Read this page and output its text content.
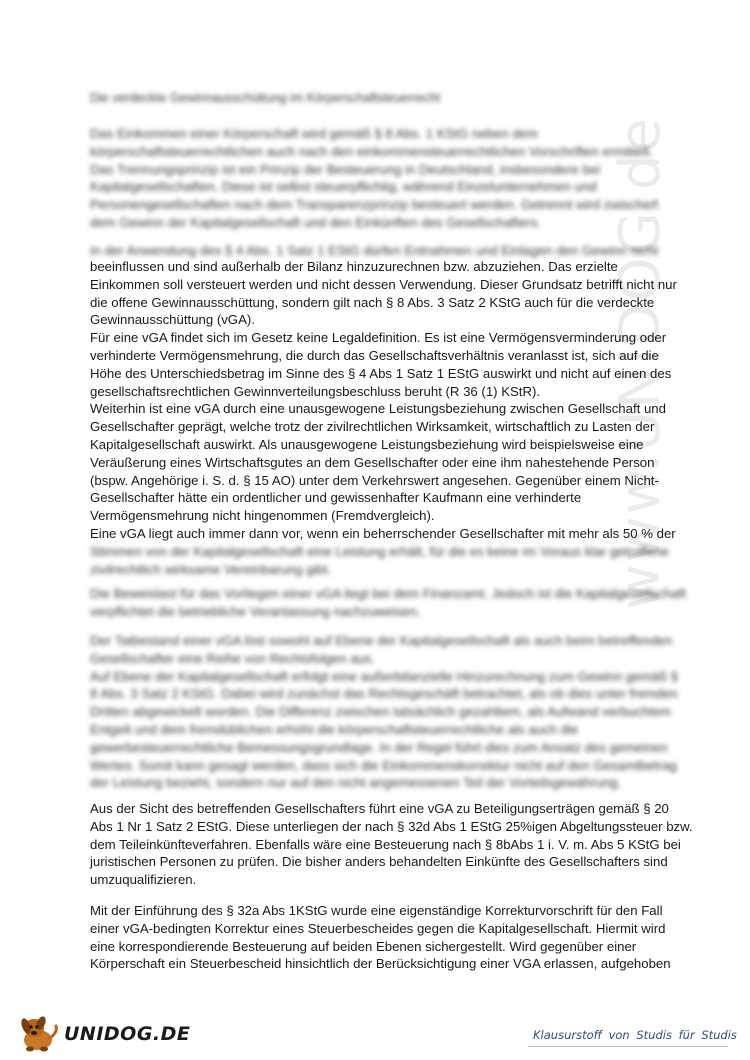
www.UNIDOG.de
Die verdeckte Gewinnausschüttung im Körperschaftsteuerrecht
Das Einkommen einer Körperschaft wird gemäß § 8 Abs. 1 KStG neben dem
körperschaftsteuerrechtlichen auch nach den einkommensteuerrechtlichen Vorschriften ermittelt.
Das Trennungsprinzip ist ein Prinzip der Besteuerung in Deutschland, insbesondere bei
Kapitalgesellschaften. Diese ist selbst steuerpflichtig, während Einzelunternehmen und
Personengesellschaften nach dem Transparenzprinzip besteuert werden. Getrennt wird zwischen
dem Gewinn der Kapitalgesellschaft und den Einkünften des Gesellschafters.
In der Anwendung des § 4 Abs. 1 Satz 1 EStG dürfen Entnahmen und Einlagen den Gewinn nicht
beeinflussen und sind außerhalb der Bilanz hinzuzurechnen bzw. abzuziehen. Das erzielte
Einkommen soll versteuert werden und nicht dessen Verwendung. Dieser Grundsatz betrifft nicht nur
die offene Gewinnausschüttung, sondern gilt nach § 8 Abs. 3 Satz 2 KStG auch für die verdeckte
Gewinnausschüttung (vGA).
Für eine vGA findet sich im Gesetz keine Legaldefinition. Es ist eine Vermögensverminderung oder
verhinderte Vermögensmehrung, die durch das Gesellschaftsverhältnis veranlasst ist, sich auf die
Höhe des Unterschiedsbetrag im Sinne des § 4 Abs 1 Satz 1 EStG auswirkt und nicht auf einen des
gesellschaftsrechtlichen Gewinnverteilungsbeschluss beruht (R 36 (1) KStR).
Weiterhin ist eine vGA durch eine unausgewogene Leistungsbeziehung zwischen Gesellschaft und
Gesellschafter geprägt, welche trotz der zivilrechtlichen Wirksamkeit, wirtschaftlich zu Lasten der
Kapitalgesellschaft auswirkt. Als unausgewogene Leistungsbeziehung wird beispielsweise eine
Veräußerung eines Wirtschaftsgutes an dem Gesellschafter oder eine ihm nahestehende Person
(bspw. Angehörige i. S. d. § 15 AO) unter dem Verkehrswert angesehen. Gegenüber einem Nicht-
Gesellschafter hätte ein ordentlicher und gewissenhafter Kaufmann eine verhinderte
Vermögensmehrung nicht hingenommen (Fremdvergleich).
Eine vGA liegt auch immer dann vor, wenn ein beherrschender Gesellschafter mit mehr als 50 % der
Stimmen von der Kapitalgesellschaft eine Leistung erhält, für die es keine im Voraus klar getroffene
zivilrechtlich wirksame Vereinbarung gibt.
Die Beweislast für das Vorliegen einer vGA liegt bei dem Finanzamt. Jedoch ist die Kapitalgesellschaft
verpflichtet die betriebliche Veranlassung nachzuweisen.
Der Tatbestand einer vGA löst sowohl auf Ebene der Kapitalgesellschaft als auch beim betreffenden
Gesellschafter eine Reihe von Rechtsfolgen aus.
Auf Ebene der Kapitalgesellschaft erfolgt eine außerbilanzielle Hinzurechnung zum Gewinn gemäß §
8 Abs. 3 Satz 2 KStG. Dabei wird zunächst das Rechtsgeschäft betrachtet, als ob dies unter fremden
Dritten abgewickelt worden. Die Differenz zwischen tatsächlich gezahltem, als Aufwand verbuchtem
Entgelt und dem fremdüblichen erhöht die körperschaftsteuerrechtliche als auch die
gewerbesteuerrechtliche Bemessungsgrundlage. In der Regel führt dies zum Ansatz des gemeinen
Wertes. Somit kann gesagt werden, dass sich die Einkommenskorrektur nicht auf den Gesamtbetrag
der Leistung bezieht, sondern nur auf den nicht angemessenen Teil der Vorteilsgewährung.
Aus der Sicht des betreffenden Gesellschafters führt eine vGA zu Beteiligungserträgen gemäß § 20
Abs 1 Nr 1 Satz 2 EStG. Diese unterliegen der nach § 32d Abs 1 EStG 25%igen Abgeltungssteuer bzw.
dem Teileinkünfteverfahren. Ebenfalls wäre eine Besteuerung nach § 8bAbs 1 i. V. m. Abs 5 KStG bei
juristischen Personen zu prüfen. Die bisher anders behandelten Einkünfte des Gesellschafters sind
umzuqualifizieren.
Mit der Einführung des § 32a Abs 1KStG wurde eine eigenständige Korrekturvorschrift für den Fall
einer vGA-bedingten Korrektur eines Steuerbescheides gegen die Kapitalgesellschaft. Hiermit wird
eine korrespondierende Besteuerung auf beiden Ebenen sichergestellt. Wird gegenüber einer
Körperschaft ein Steuerbescheid hinsichtlich der Berücksichtigung einer VGA erlassen, aufgehoben
UNIDOG.DE	Klausurstoff von Studis für Studis
